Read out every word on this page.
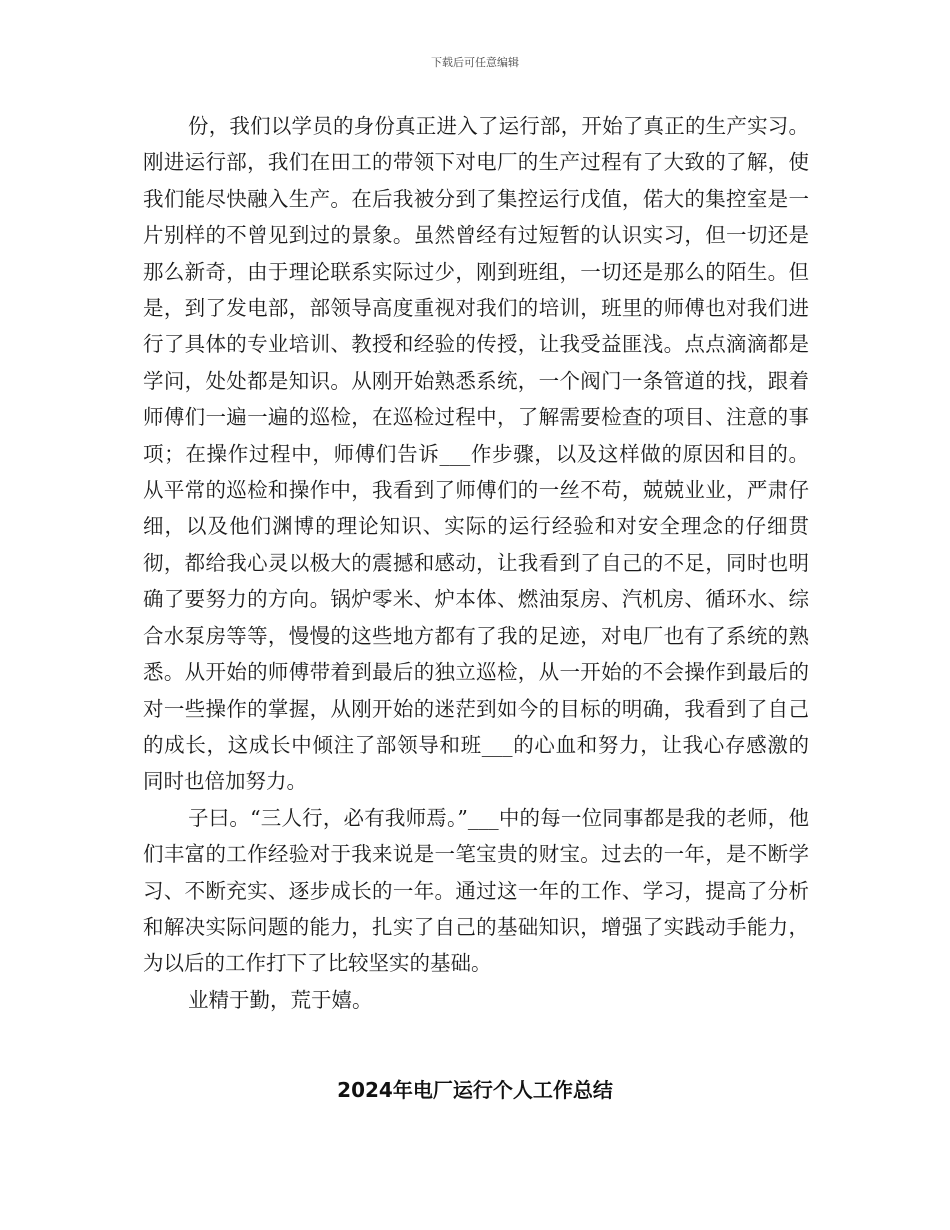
下载后可任意编辑

份，我们以学员的身份真正进入了运行部，开始了真正的生产实习。刚进运行部，我们在田工的带领下对电厂的生产过程有了大致的了解，使我们能尽快融入生产。在后我被分到了集控运行戊值，偌大的集控室是一片别样的不曾见到过的景象。虽然曾经有过短暂的认识实习，但一切还是那么新奇，由于理论联系实际过少，刚到班组，一切还是那么的陌生。但是，到了发电部，部领导高度重视对我们的培训，班里的师傅也对我们进行了具体的专业培训、教授和经验的传授，让我受益匪浅。点点滴滴都是学问，处处都是知识。从刚开始熟悉系统，一个阀门一条管道的找，跟着师傅们一遍一遍的巡检，在巡检过程中，了解需要检查的项目、注意的事项；在操作过程中，师傅们告诉___作步骤，以及这样做的原因和目的。从平常的巡检和操作中，我看到了师傅们的一丝不苟，兢兢业业，严肃仔细，以及他们渊博的理论知识、实际的运行经验和对安全理念的仔细贯彻，都给我心灵以极大的震撼和感动，让我看到了自己的不足，同时也明确了要努力的方向。锅炉零米、炉本体、燃油泵房、汽机房、循环水、综合水泵房等等，慢慢的这些地方都有了我的足迹，对电厂也有了系统的熟悉。从开始的师傅带着到最后的独立巡检，从一开始的不会操作到最后的对一些操作的掌握，从刚开始的迷茫到如今的目标的明确，我看到了自己的成长，这成长中倾注了部领导和班___的心血和努力，让我心存感激的同时也倍加努力。

子曰。“三人行，必有我师焉。”___中的每一位同事都是我的老师，他们丰富的工作经验对于我来说是一笔宝贵的财宝。过去的一年，是不断学习、不断充实、逐步成长的一年。通过这一年的工作、学习，提高了分析和解决实际问题的能力，扎实了自己的基础知识，增强了实践动手能力，为以后的工作打下了比较坚实的基础。

业精于勤，荒于嬉。

2024年电厂运行个人工作总结
